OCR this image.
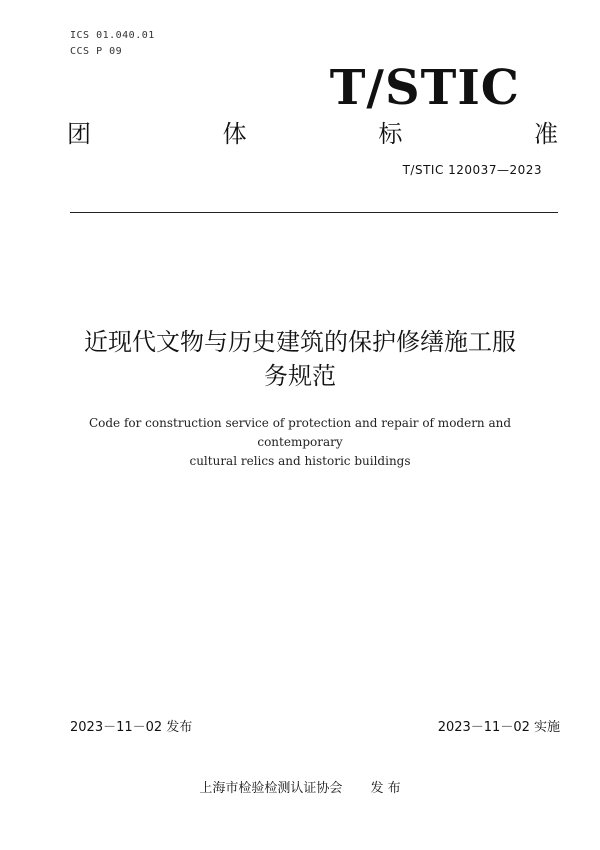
ICS 01.040.01
CCS P 09
T/STIC
团	体	标	准
T/STIC 120037—2023
近现代文物与历史建筑的保护修缮施工服
务规范
Code for construction service of protection and repair of modern and contemporary
cultural relics and historic buildings
2023－11－02 发布	2023－11－02 实施
上海市检验检测认证协会 发 布
